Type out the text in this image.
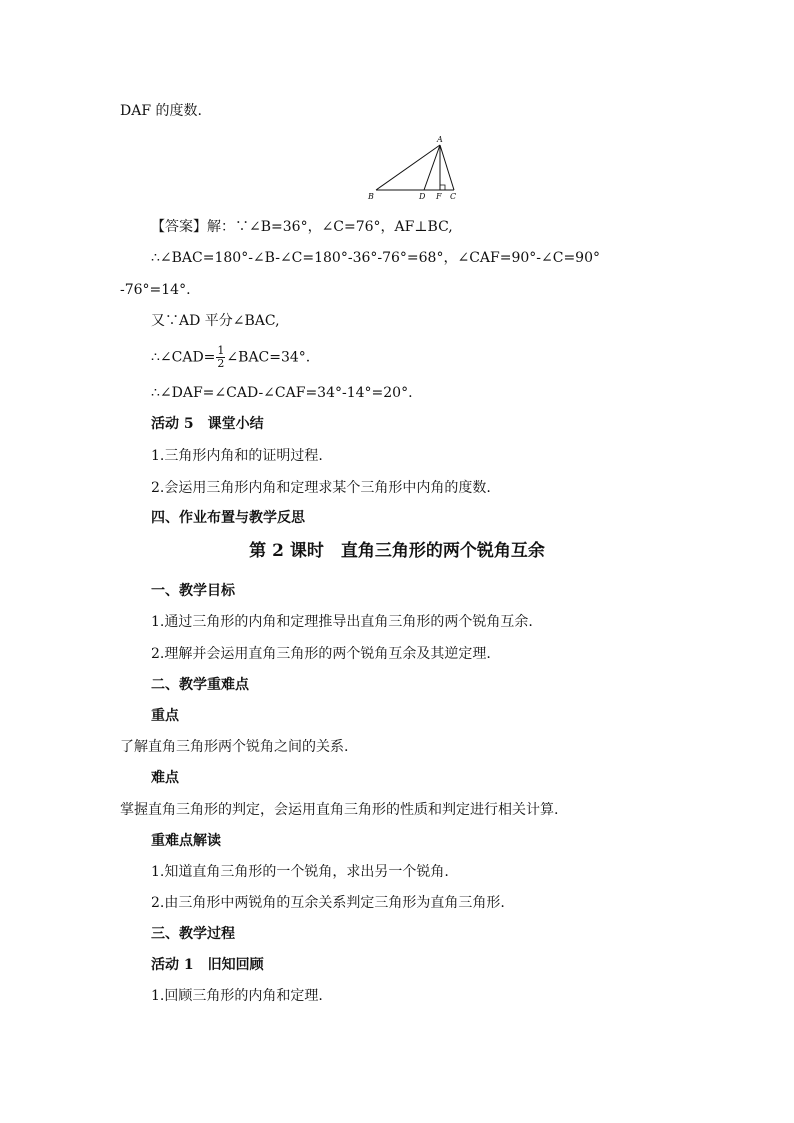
DAF 的度数.
A
B	D F C
【答案】解：∵∠B=36°，∠C=76°，AF⊥BC,
∴∠BAC=180°-∠B-∠C=180°-36°-76°=68°，∠CAF=90°-∠C=90°
-76°=14°.
又∵AD 平分∠BAC,
∴∠CAD= $\frac{1}{2}$ ∠BAC=34°.
∴∠DAF=∠CAD-∠CAF=34°-14°=20°.
活动 5　课堂小结
1.三角形内角和的证明过程.
2.会运用三角形内角和定理求某个三角形中内角的度数.
四、作业布置与教学反思
第 2 课时　直角三角形的两个锐角互余
一、教学目标
1.通过三角形的内角和定理推导出直角三角形的两个锐角互余.
2.理解并会运用直角三角形的两个锐角互余及其逆定理.
二、教学重难点
重点
了解直角三角形两个锐角之间的关系.
难点
掌握直角三角形的判定，会运用直角三角形的性质和判定进行相关计算.
重难点解读
1.知道直角三角形的一个锐角，求出另一个锐角.
2.由三角形中两锐角的互余关系判定三角形为直角三角形.
三、教学过程
活动 1　旧知回顾
1.回顾三角形的内角和定理.
